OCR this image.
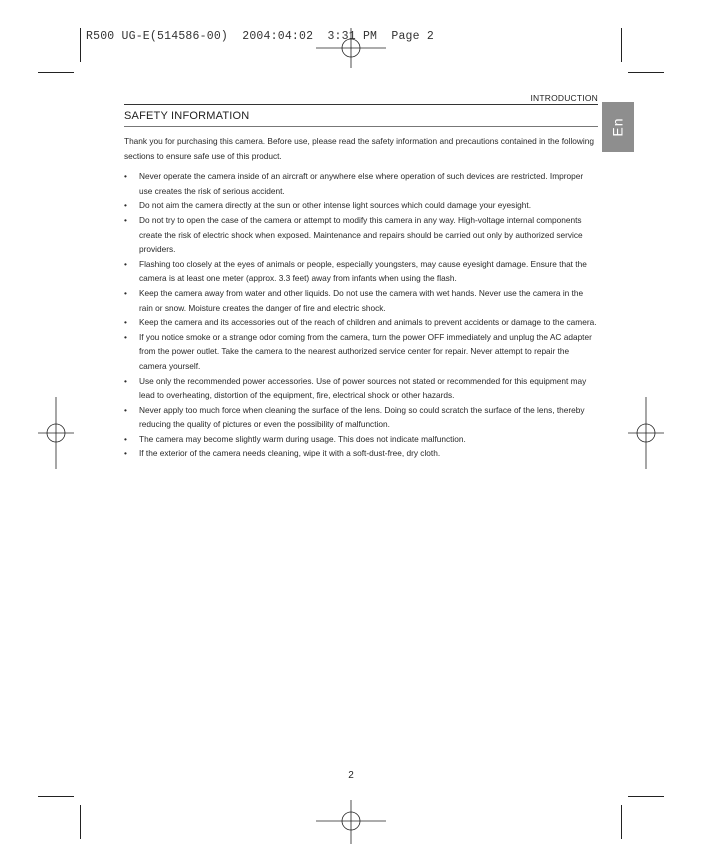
R500 UG-E(514586-00)  2004:04:02  3:31 PM  Page 2
INTRODUCTION
SAFETY INFORMATION
En

Thank you for purchasing this camera. Before use, please read the safety information and precautions contained in the following sections to ensure safe use of this product.

• Never operate the camera inside of an aircraft or anywhere else where operation of such devices are restricted. Improper use creates the risk of serious accident.
• Do not aim the camera directly at the sun or other intense light sources which could damage your eyesight.
• Do not try to open the case of the camera or attempt to modify this camera in any way. High-voltage internal components create the risk of electric shock when exposed. Maintenance and repairs should be carried out only by authorized service providers.
• Flashing too closely at the eyes of animals or people, especially youngsters, may cause eyesight damage. Ensure that the camera is at least one meter (approx. 3.3 feet) away from infants when using the flash.
• Keep the camera away from water and other liquids. Do not use the camera with wet hands. Never use the camera in the rain or snow. Moisture creates the danger of fire and electric shock.
• Keep the camera and its accessories out of the reach of children and animals to prevent accidents or damage to the camera.
• If you notice smoke or a strange odor coming from the camera, turn the power OFF immediately and unplug the AC adapter from the power outlet. Take the camera to the nearest authorized service center for repair. Never attempt to repair the camera yourself.
• Use only the recommended power accessories. Use of power sources not stated or recommended for this equipment may lead to overheating, distortion of the equipment, fire, electrical shock or other hazards.
• Never apply too much force when cleaning the surface of the lens. Doing so could scratch the surface of the lens, thereby reducing the quality of pictures or even the possibility of malfunction.
• The camera may become slightly warm during usage. This does not indicate malfunction.
• If the exterior of the camera needs cleaning, wipe it with a soft-dust-free, dry cloth.
2
